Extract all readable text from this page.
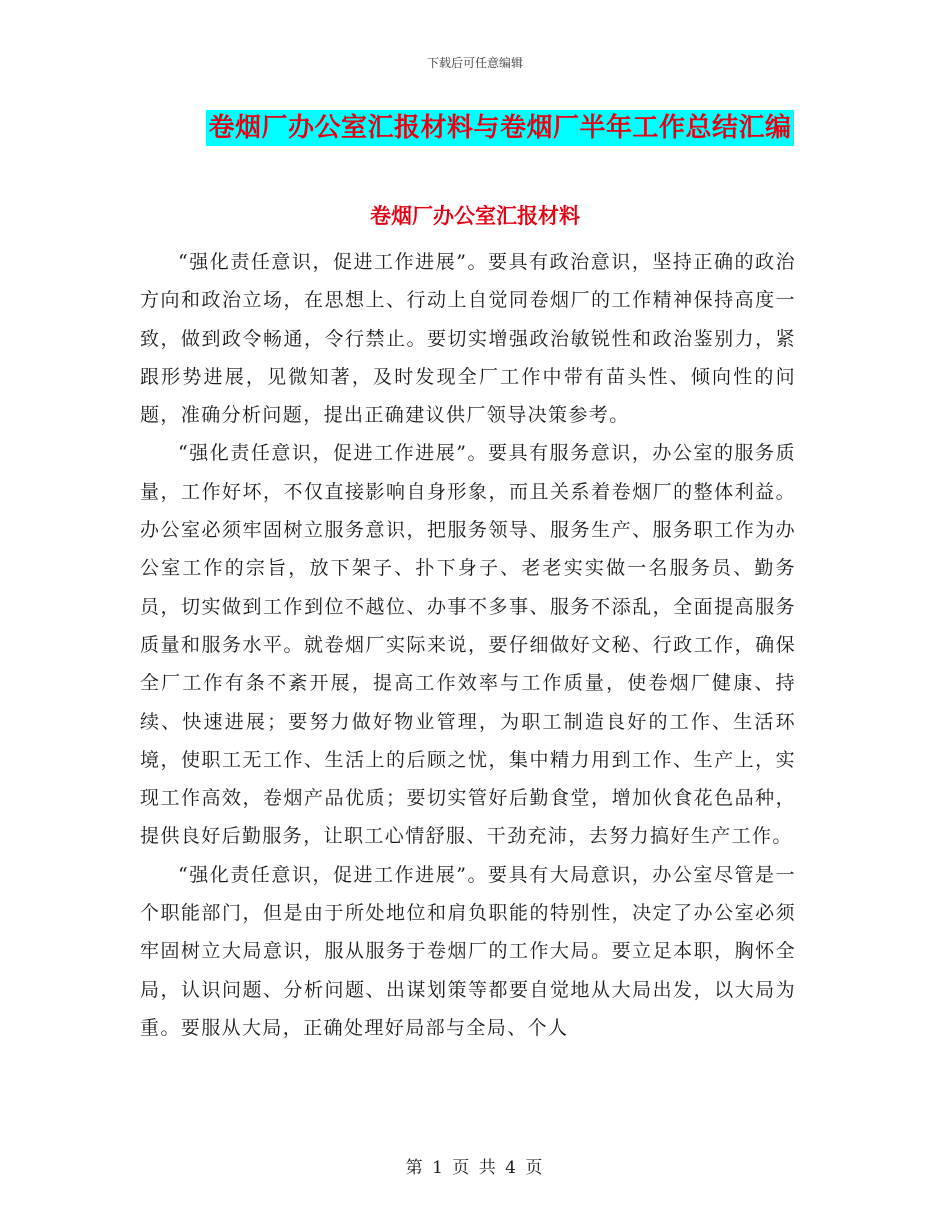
下载后可任意编辑
卷烟厂办公室汇报材料与卷烟厂半年工作总结汇编
卷烟厂办公室汇报材料

“强化责任意识，促进工作进展”。要具有政治意识，坚持正确的政治方向和政治立场，在思想上、行动上自觉同卷烟厂的工作精神保持高度一致，做到政令畅通，令行禁止。要切实增强政治敏锐性和政治鉴别力，紧跟形势进展，见微知著，及时发现全厂工作中带有苗头性、倾向性的问题，准确分析问题，提出正确建议供厂领导决策参考。

“强化责任意识，促进工作进展”。要具有服务意识，办公室的服务质量，工作好坏，不仅直接影响自身形象，而且关系着卷烟厂的整体利益。办公室必须牢固树立服务意识，把服务领导、服务生产、服务职工作为办公室工作的宗旨，放下架子、扑下身子、老老实实做一名服务员、勤务员，切实做到工作到位不越位、办事不多事、服务不添乱，全面提高服务质量和服务水平。就卷烟厂实际来说，要仔细做好文秘、行政工作，确保全厂工作有条不紊开展，提高工作效率与工作质量，使卷烟厂健康、持续、快速进展；要努力做好物业管理，为职工制造良好的工作、生活环境，使职工无工作、生活上的后顾之忧，集中精力用到工作、生产上，实现工作高效，卷烟产品优质；要切实管好后勤食堂，增加伙食花色品种，提供良好后勤服务，让职工心情舒服、干劲充沛，去努力搞好生产工作。

“强化责任意识，促进工作进展”。要具有大局意识，办公室尽管是一个职能部门，但是由于所处地位和肩负职能的特别性，决定了办公室必须牢固树立大局意识，服从服务于卷烟厂的工作大局。要立足本职，胸怀全局，认识问题、分析问题、出谋划策等都要自觉地从大局出发，以大局为重。要服从大局，正确处理好局部与全局、个人

第 1 页 共 4 页
